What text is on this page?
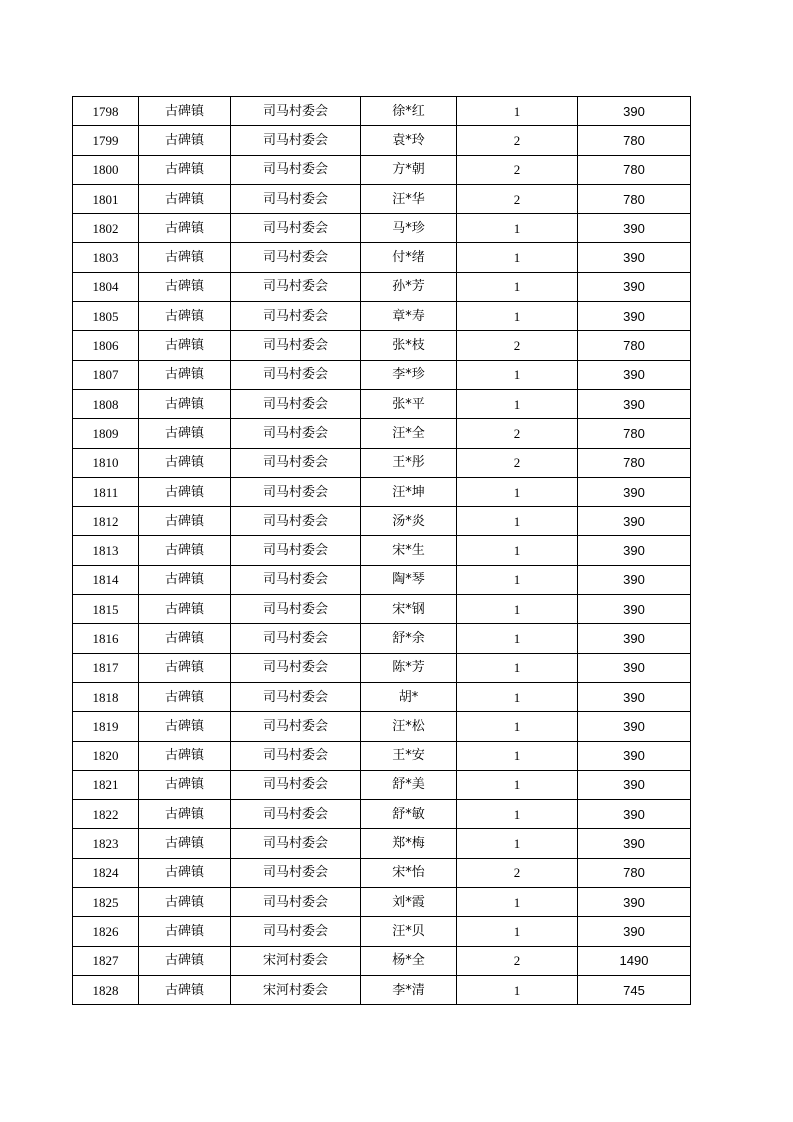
1798	古碑镇	司马村委会	徐*红	1	390
1799	古碑镇	司马村委会	袁*玲	2	780
1800	古碑镇	司马村委会	方*朝	2	780
1801	古碑镇	司马村委会	汪*华	2	780
1802	古碑镇	司马村委会	马*珍	1	390
1803	古碑镇	司马村委会	付*绪	1	390
1804	古碑镇	司马村委会	孙*芳	1	390
1805	古碑镇	司马村委会	章*寿	1	390
1806	古碑镇	司马村委会	张*枝	2	780
1807	古碑镇	司马村委会	李*珍	1	390
1808	古碑镇	司马村委会	张*平	1	390
1809	古碑镇	司马村委会	汪*全	2	780
1810	古碑镇	司马村委会	王*彤	2	780
1811	古碑镇	司马村委会	汪*坤	1	390
1812	古碑镇	司马村委会	汤*炎	1	390
1813	古碑镇	司马村委会	宋*生	1	390
1814	古碑镇	司马村委会	陶*琴	1	390
1815	古碑镇	司马村委会	宋*钢	1	390
1816	古碑镇	司马村委会	舒*余	1	390
1817	古碑镇	司马村委会	陈*芳	1	390
1818	古碑镇	司马村委会	胡*	1	390
1819	古碑镇	司马村委会	汪*松	1	390
1820	古碑镇	司马村委会	王*安	1	390
1821	古碑镇	司马村委会	舒*美	1	390
1822	古碑镇	司马村委会	舒*敏	1	390
1823	古碑镇	司马村委会	郑*梅	1	390
1824	古碑镇	司马村委会	宋*怡	2	780
1825	古碑镇	司马村委会	刘*霞	1	390
1826	古碑镇	司马村委会	汪*贝	1	390
1827	古碑镇	宋河村委会	杨*全	2	1490
1828	古碑镇	宋河村委会	李*清	1	745
